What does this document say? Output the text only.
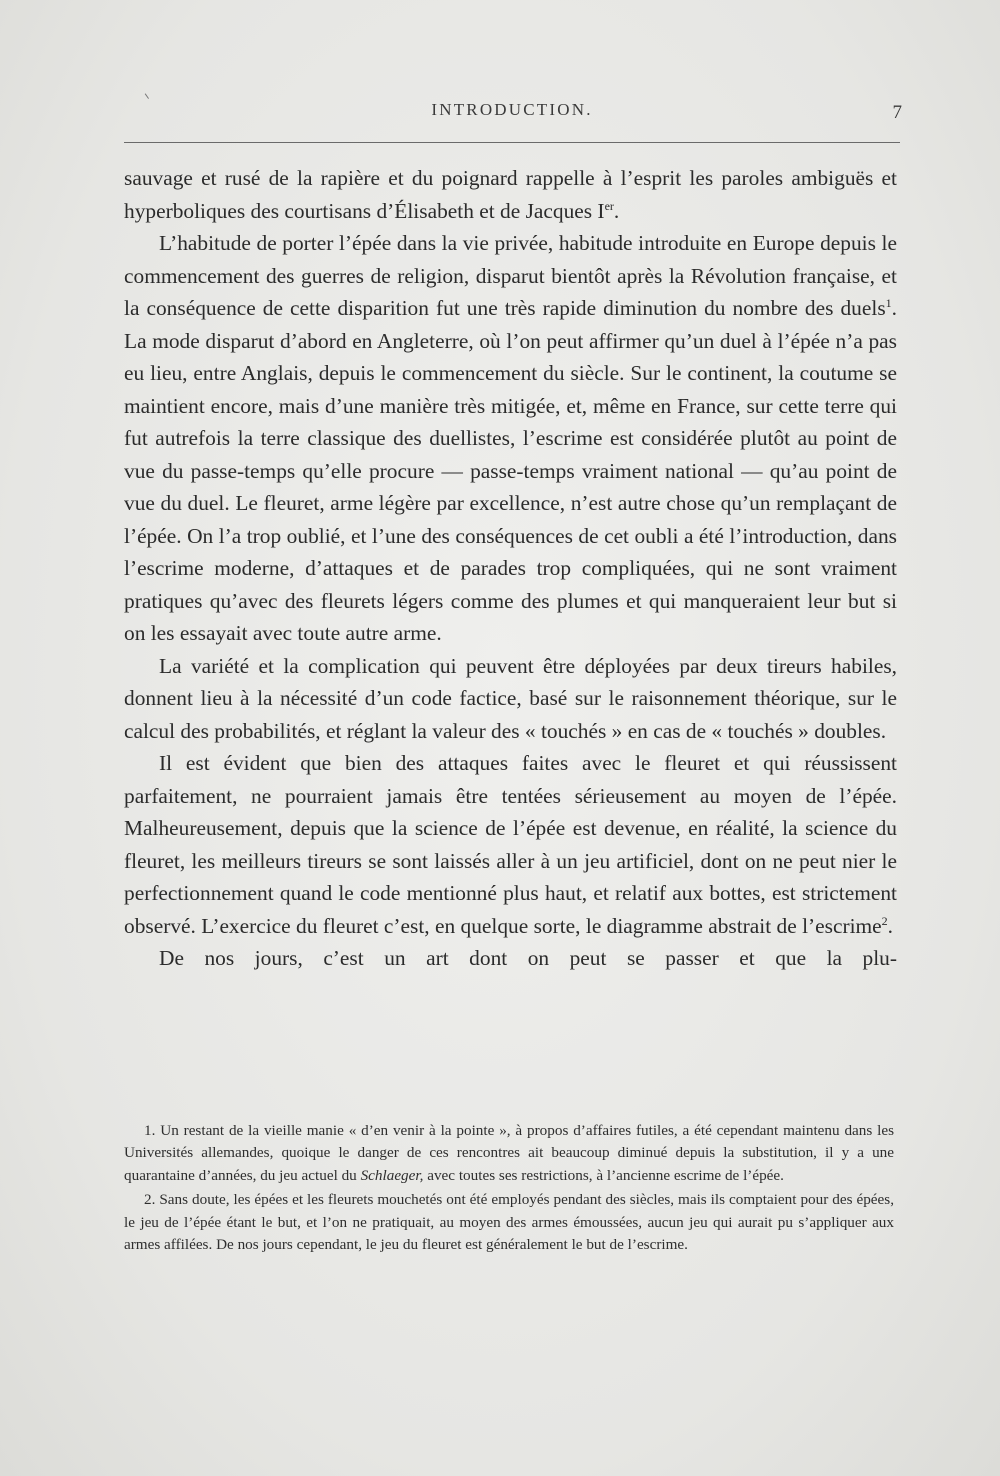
INTRODUCTION.	7

sauvage et rusé de la rapière et du poignard rappelle à l’esprit les paroles ambiguës et hyperboliques des courtisans d’Élisabeth et de Jacques Ier.

L’habitude de porter l’épée dans la vie privée, habitude introduite en Europe depuis le commencement des guerres de religion, disparut bientôt après la Révolution française, et la conséquence de cette disparition fut une très rapide diminution du nombre des duels$^1$. La mode disparut d’abord en Angleterre, où l’on peut affirmer qu’un duel à l’épée n’a pas eu lieu, entre Anglais, depuis le commencement du siècle. Sur le continent, la coutume se maintient encore, mais d’une manière très mitigée, et, même en France, sur cette terre qui fut autrefois la terre classique des duellistes, l’escrime est considérée plutôt au point de vue du passe-temps qu’elle procure — passe-temps vraiment national — qu’au point de vue du duel. Le fleuret, arme légère par excellence, n’est autre chose qu’un remplaçant de l’épée. On l’a trop oublié, et l’une des conséquences de cet oubli a été l’introduction, dans l’escrime moderne, d’attaques et de parades trop compliquées, qui ne sont vraiment pratiques qu’avec des fleurets légers comme des plumes et qui manqueraient leur but si on les essayait avec toute autre arme.

La variété et la complication qui peuvent être déployées par deux tireurs habiles, donnent lieu à la nécessité d’un code factice, basé sur le raisonnement théorique, sur le calcul des probabilités, et réglant la valeur des « touchés » en cas de « touchés » doubles.

Il est évident que bien des attaques faites avec le fleuret et qui réussissent parfaitement, ne pourraient jamais être tentées sérieusement au moyen de l’épée. Malheureusement, depuis que la science de l’épée est devenue, en réalité, la science du fleuret, les meilleurs tireurs se sont laissés aller à un jeu artificiel, dont on ne peut nier le perfectionnement quand le code mentionné plus haut, et relatif aux bottes, est strictement observé. L’exercice du fleuret c’est, en quelque sorte, le diagramme abstrait de l’escrime$^2$.

De nos jours, c’est un art dont on peut se passer et que la plu-

1. Un restant de la vieille manie « d’en venir à la pointe », à propos d’affaires futiles, a été cependant maintenu dans les Universités allemandes, quoique le danger de ces rencontres ait beaucoup diminué depuis la substitution, il y a une quarantaine d’années, du jeu actuel du Schlaeger, avec toutes ses restrictions, à l’ancienne escrime de l’épée.

2. Sans doute, les épées et les fleurets mouchetés ont été employés pendant des siècles, mais ils comptaient pour des épées, le jeu de l’épée étant le but, et l’on ne pratiquait, au moyen des armes émoussées, aucun jeu qui aurait pu s’appliquer aux armes affilées. De nos jours cependant, le jeu du fleuret est généralement le but de l’escrime.
